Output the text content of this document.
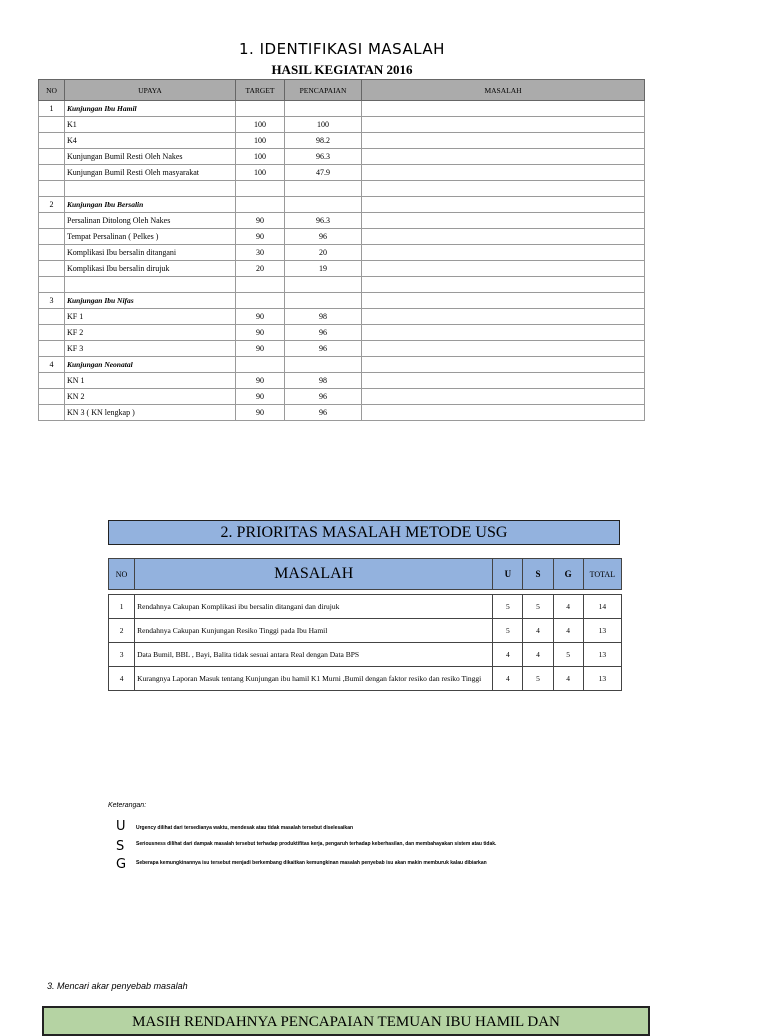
1. IDENTIFIKASI MASALAH
HASIL KEGIATAN 2016
NO	UPAYA	TARGET	PENCAPAIAN	MASALAH
1	Kunjungan Ibu Hamil			
	K1	100	100	
	K4	100	98.2	
	Kunjungan Bumil Resti Oleh Nakes	100	96.3	
	Kunjungan Bumil Resti Oleh masyarakat	100	47.9	

2	Kunjungan Ibu Bersalin			
	Persalinan Ditolong Oleh Nakes	90	96.3	
	Tempat Persalinan ( Pelkes )	90	96	
	Komplikasi Ibu bersalin ditangani	30	20	
	Komplikasi Ibu bersalin dirujuk	20	19	

3	Kunjungan Ibu Nifas			
	KF 1	90	98	
	KF 2	90	96	
	KF 3	90	96	
4	Kunjungan Neonatal			
	KN 1	90	98	
	KN 2	90	96	
	KN 3 ( KN lengkap )	90	96	
2. PRIORITAS MASALAH METODE USG
NO	MASALAH	U	S	G	TOTAL

1	Rendahnya Cakupan Komplikasi ibu bersalin ditangani dan dirujuk	5	5	4	14
2	Rendahnya Cakupan Kunjungan Resiko Tinggi pada Ibu Hamil	5	4	4	13
3	Data Bumil, BBL , Bayi, Balita tidak sesuai antara Real dengan Data BPS	4	4	5	13
4	Kurangnya Laporan Masuk tentang Kunjungan ibu hamil K1 Murni ,Bumil dengan faktor resiko dan resiko Tinggi	4	5	4	13
Keterangan:
U Urgency dilihat dari tersedianya waktu, mendesak atau tidak masalah tersebut diselesaikan
S Seriousness dilihat dari dampak masalah tersebut terhadap produktifitas kerja, pengaruh terhadap keberhasilan, dan membahayakan sistem atau tidak.
G Seberapa kemungkinannya isu tersebut menjadi berkembang dikaitkan kemungkinan masalah penyebab isu akan makin memburuk kalau dibiarkan
3. Mencari akar penyebab masalah
MASIH RENDAHNYA PENCAPAIAN TEMUAN IBU HAMIL DAN
